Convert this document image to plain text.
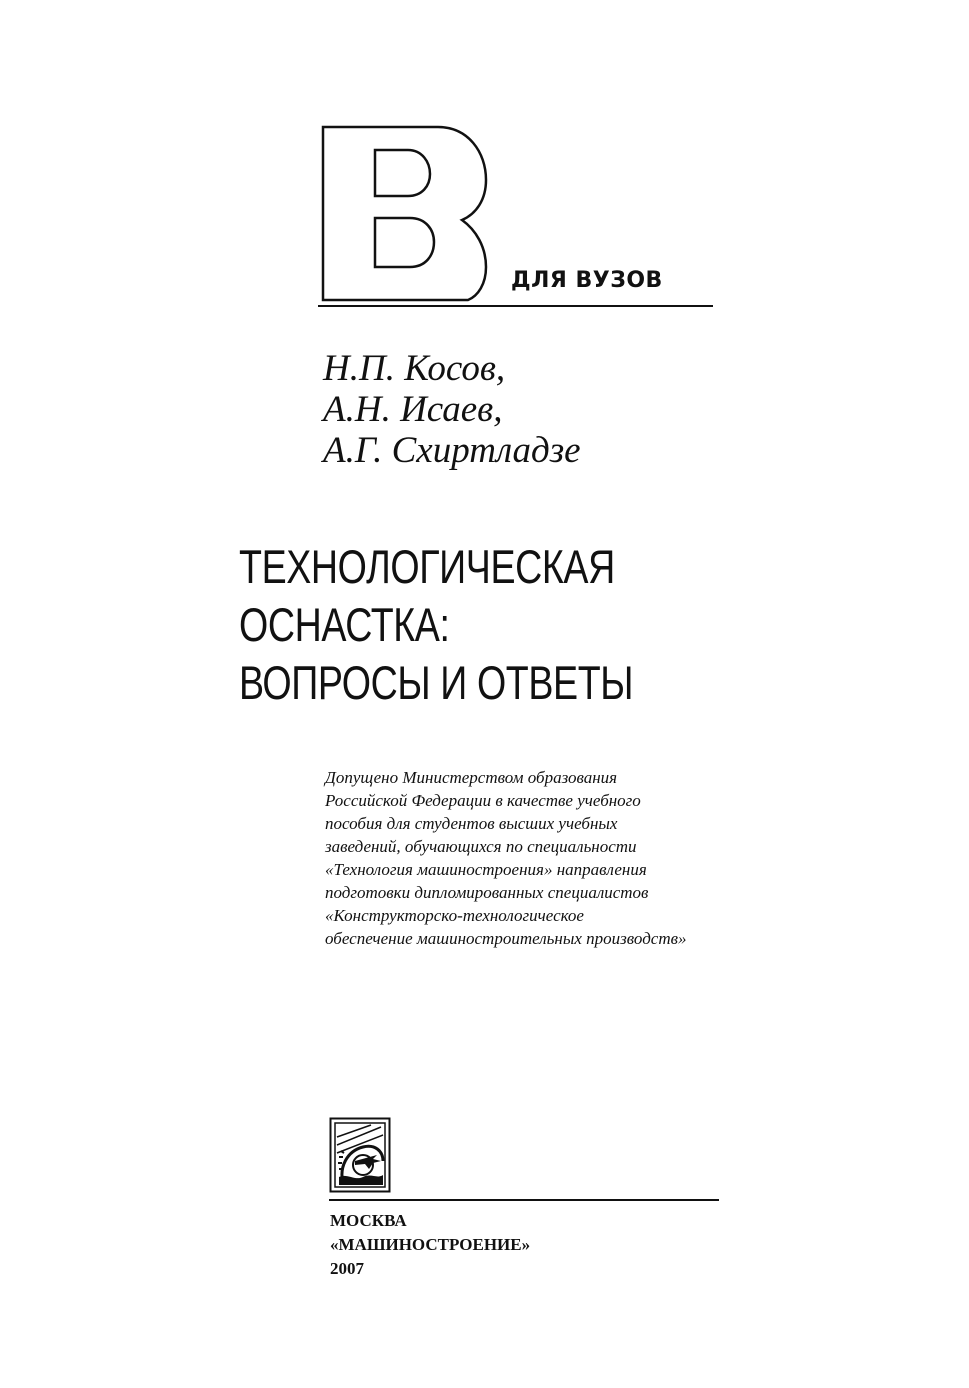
ДЛЯ ВУЗОВ
Н.П. Косов,
А.Н. Исаев,
А.Г. Схиртладзе
ТЕХНОЛОГИЧЕСКАЯ
ОСНАСТКА:
ВОПРОСЫ И ОТВЕТЫ
Допущено Министерством образования
Российской Федерации в качестве учебного
пособия для студентов высших учебных
заведений, обучающихся по специальности
«Технология машиностроения» направления
подготовки дипломированных специалистов
«Конструкторско-технологическое
обеспечение машиностроительных производств»
МОСКВА
«МАШИНОСТРОЕНИЕ»
2007
